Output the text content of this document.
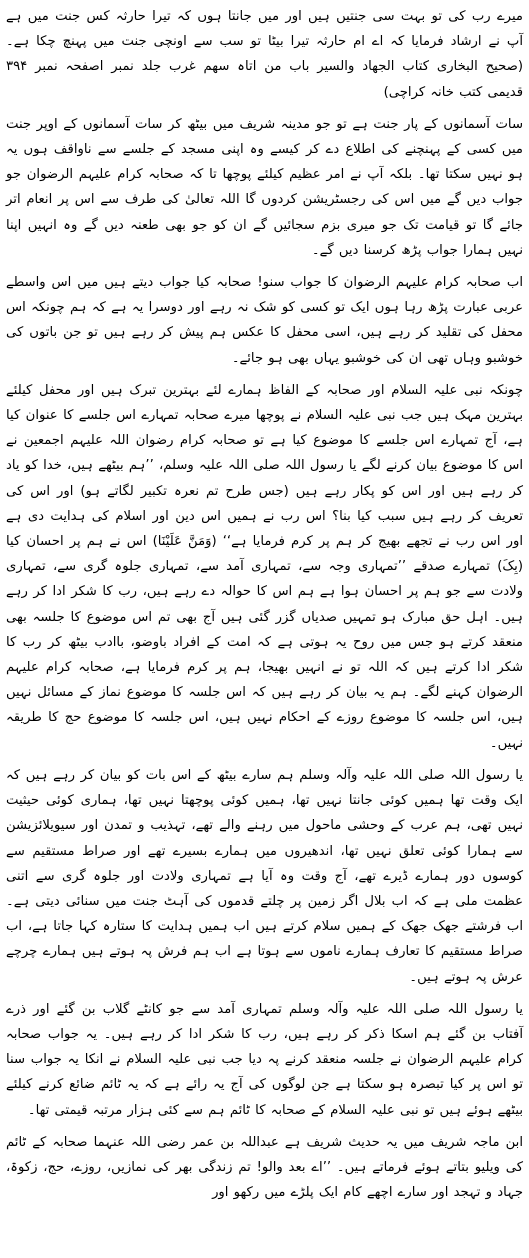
میرے رب کی تو بہت سی جنتیں ہیں اور میں جانتا ہوں کہ تیرا حارثہ کس جنت میں ہے آپ نے ارشاد فرمایا کہ اے ام حارثہ تیرا بیٹا تو سب سے اونچی جنت میں پہنچ چکا ہے۔ (صحیح البخاری کتاب الجھاد والسیر باب من اتاہ سھم غرب جلد نمبر اصفحہ نمبر ۳۹۴ قدیمی کتب خانہ کراچی)

سات آسمانوں کے پار جنت ہے تو جو مدینہ شریف میں بیٹھ کر سات آسمانوں کے اوپر جنت میں کسی کے پہنچنے کی اطلاع دے کر کیسے وہ اپنی مسجد کے جلسے سے ناواقف ہوں یہ ہو نہیں سکتا تھا۔ بلکہ آپ نے امر عظیم کیلئے پوچھا تا کہ صحابہ کرام علیہم الرضوان جو جواب دیں گے میں اس کی رجسٹریشن کردوں گا اللہ تعالیٰ کی طرف سے اس پر انعام اتر جائے گا تو قیامت تک جو میری بزم سجائیں گے ان کو جو بھی طعنہ دیں گے وہ انہیں اپنا نہیں ہمارا جواب پڑھ کرسنا دیں گے۔

اب صحابہ کرام علیہم الرضوان کا جواب سنو! صحابہ کیا جواب دیتے ہیں میں اس واسطے عربی عبارت پڑھ رہا ہوں ایک تو کسی کو شک نہ رہے اور دوسرا یہ ہے کہ ہم چونکہ اس محفل کی تقلید کر رہے ہیں، اسی محفل کا عکس ہم پیش کر رہے ہیں تو جن باتوں کی خوشبو وہاں تھی ان کی خوشبو یہاں بھی ہو جائے۔

چونکہ نبی علیہ السلام اور صحابہ کے الفاظ ہمارے لئے بہترین تبرک ہیں اور محفل کیلئے بہترین مہک ہیں جب نبی علیہ السلام نے پوچھا میرے صحابہ تمہارے اس جلسے کا عنوان کیا ہے، آج تمہارے اس جلسے کا موضوع کیا ہے تو صحابہ کرام رضوان اللہ علیہم اجمعین نے اس کا موضوع بیان کرنے لگے یا رسول اللہ صلی اللہ علیہ وسلم، ’’ہم بیٹھے ہیں، خدا کو یاد کر رہے ہیں اور اس کو پکار رہے ہیں (جس طرح تم نعرہ تکبیر لگاتے ہو) اور اس کی تعریف کر رہے ہیں سبب کیا بنا؟ اس رب نے ہمیں اس دین اور اسلام کی ہدایت دی ہے اور اس رب نے تجھے بھیج کر ہم پر کرم فرمایا ہے‘‘ (وَمَنَّ عَلَيْنَا) اس نے ہم پر احسان کیا (بِکَ) تمہارے صدقے ’’تمہاری وجہ سے، تمہاری آمد سے، تمہاری جلوہ گری سے، تمہاری ولادت سے جو ہم پر احسان ہوا ہے ہم اس کا حوالہ دے رہے ہیں، رب کا شکر ادا کر رہے ہیں۔ اہل حق مبارک ہو تمہیں صدیاں گزر گئی ہیں آج بھی تم اس موضوع کا جلسہ بھی منعقد کرتے ہو جس میں روح یہ ہوتی ہے کہ امت کے افراد باوضو، باادب بیٹھ کر رب کا شکر ادا کرتے ہیں کہ اللہ تو نے انہیں بھیجا، ہم پر کرم فرمایا ہے، صحابہ کرام علیہم الرضوان کہنے لگے۔ ہم یہ بیان کر رہے ہیں کہ اس جلسہ کا موضوع نماز کے مسائل نہیں ہیں، اس جلسہ کا موضوع روزے کے احکام نہیں ہیں، اس جلسہ کا موضوع حج کا طریقہ نہیں۔

یا رسول اللہ صلی اللہ علیہ وآلہ وسلم ہم سارے بیٹھ کے اس بات کو بیان کر رہے ہیں کہ ایک وقت تھا ہمیں کوئی جانتا نہیں تھا، ہمیں کوئی پوچھتا نہیں تھا، ہماری کوئی حیثیت نہیں تھی، ہم عرب کے وحشی ماحول میں رہنے والے تھے، تہذیب و تمدن اور سیویلائزیشن سے ہمارا کوئی تعلق نہیں تھا، اندھیروں میں ہمارے بسیرے تھے اور صراط مستقیم سے کوسوں دور ہمارے ڈیرے تھے، آج وقت وہ آیا ہے تمہاری ولادت اور جلوہ گری سے اتنی عظمت ملی ہے کہ اب بلال اگر زمین پر چلتے قدموں کی آہٹ جنت میں سنائی دیتی ہے۔ اب فرشتے جھک جھک کے ہمیں سلام کرتے ہیں اب ہمیں ہدایت کا ستارہ کہا جاتا ہے، اب صراط مستقیم کا تعارف ہمارے ناموں سے ہوتا ہے اب ہم فرش پہ ہوتے ہیں ہمارے چرچے عرش پہ ہوتے ہیں۔

یا رسول اللہ صلی اللہ علیہ وآلہ وسلم تمہاری آمد سے جو کانٹے گلاب بن گئے اور ذرے آفتاب بن گئے ہم اسکا ذکر کر رہے ہیں، رب کا شکر ادا کر رہے ہیں۔ یہ جواب صحابہ کرام علیہم الرضوان نے جلسہ منعقد کرنے پہ دیا جب نبی علیہ السلام نے انکا یہ جواب سنا تو اس پر کیا تبصرہ ہو سکتا ہے جن لوگوں کی آج یہ رائے ہے کہ یہ ٹائم ضائع کرنے کیلئے بیٹھے ہوئے ہیں تو نبی علیہ السلام کے صحابہ کا ٹائم ہم سے کئی ہزار مرتبہ قیمتی تھا۔

ابن ماجہ شریف میں یہ حدیث شریف ہے عبداللہ بن عمر رضی اللہ عنہما صحابہ کے ٹائم کی ویلیو بتاتے ہوئے فرماتے ہیں۔ ’’اے بعد والو! تم زندگی بھر کی نمازیں، روزے، حج، زکوۃ، جہاد و تہجد اور سارے اچھے کام ایک پلڑے میں رکھو اور
